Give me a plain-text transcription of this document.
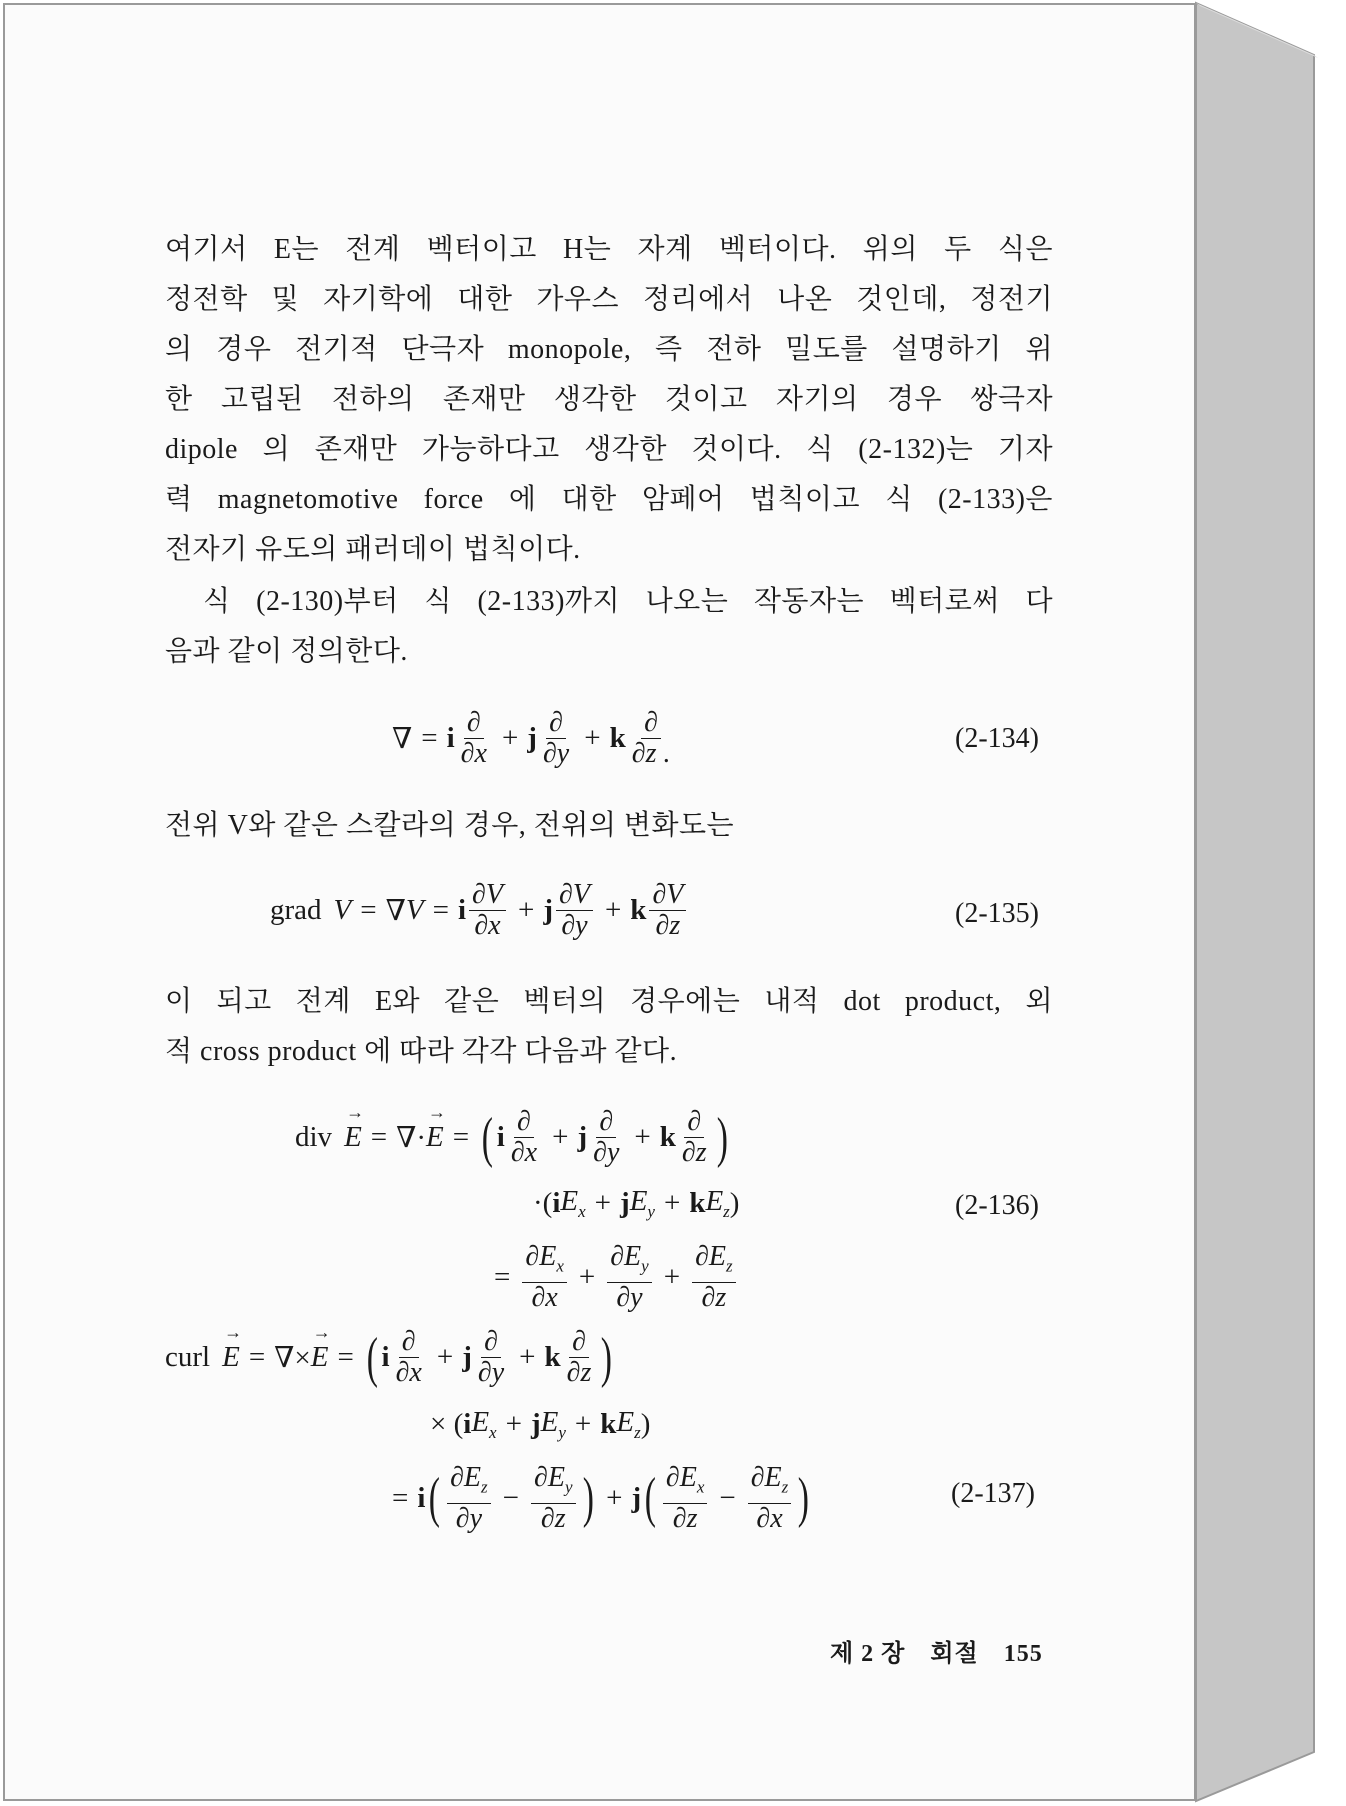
여기서 E는 전계 벡터이고 H는 자계 벡터이다. 위의 두 식은
정전학 및 자기학에 대한 가우스 정리에서 나온 것인데, 정전기
의 경우 전기적 단극자 monopole, 즉 전하 밀도를 설명하기 위
한 고립된 전하의 존재만 생각한 것이고 자기의 경우 쌍극자
dipole 의 존재만 가능하다고 생각한 것이다. 식 (2-132)는 기자
력 magnetomotive force 에 대한 암페어 법칙이고 식 (2-133)은
전자기 유도의 패러데이 법칙이다.
식 (2-130)부터 식 (2-133)까지 나오는 작동자는 벡터로써 다
음과 같이 정의한다.
∇ = i $\frac{\partial}{\partial x} + j \frac{\partial}{\partial y} + k \frac{\partial}{\partial z .}$	(2-134)
전위 V와 같은 스칼라의 경우, 전위의 변화도는
grad V = ∇ V = i $\frac{\partial V}{\partial x} + j \frac{\partial V}{\partial y} + k \frac{\partial V}{\partial z}$	(2-135)
이 되고 전계 E와 같은 벡터의 경우에는 내적 dot product, 외
적 cross product 에 따라 각각 다음과 같다.
div → E = ∇· → E = ( i $\frac{\partial}{\partial x} + j \frac{\partial}{\partial y} + k \frac{\partial}{\partial z}$ )
·( i $E_x + j$ $E_y + k$ $E_z$ )	(2-136)
= $\frac{\partial E_x}{\partial x} + \frac{\partial E_y}{\partial y} + \frac{\partial E_z}{\partial z}$
curl → E = ∇× → E = ( i $\frac{\partial}{\partial x} + j \frac{\partial}{\partial y} + k \frac{\partial}{\partial z}$ )
× ( i $E_x + j$ $E_y + k$ $E_z$ )
= i ( $\frac{\partial E_z}{\partial y} - \frac{\partial E_y}{\partial z}$ ) + j ( $\frac{\partial E_x}{\partial z} - \frac{\partial E_z}{\partial x}$ )	(2-137)
제 2 장 회절 155
